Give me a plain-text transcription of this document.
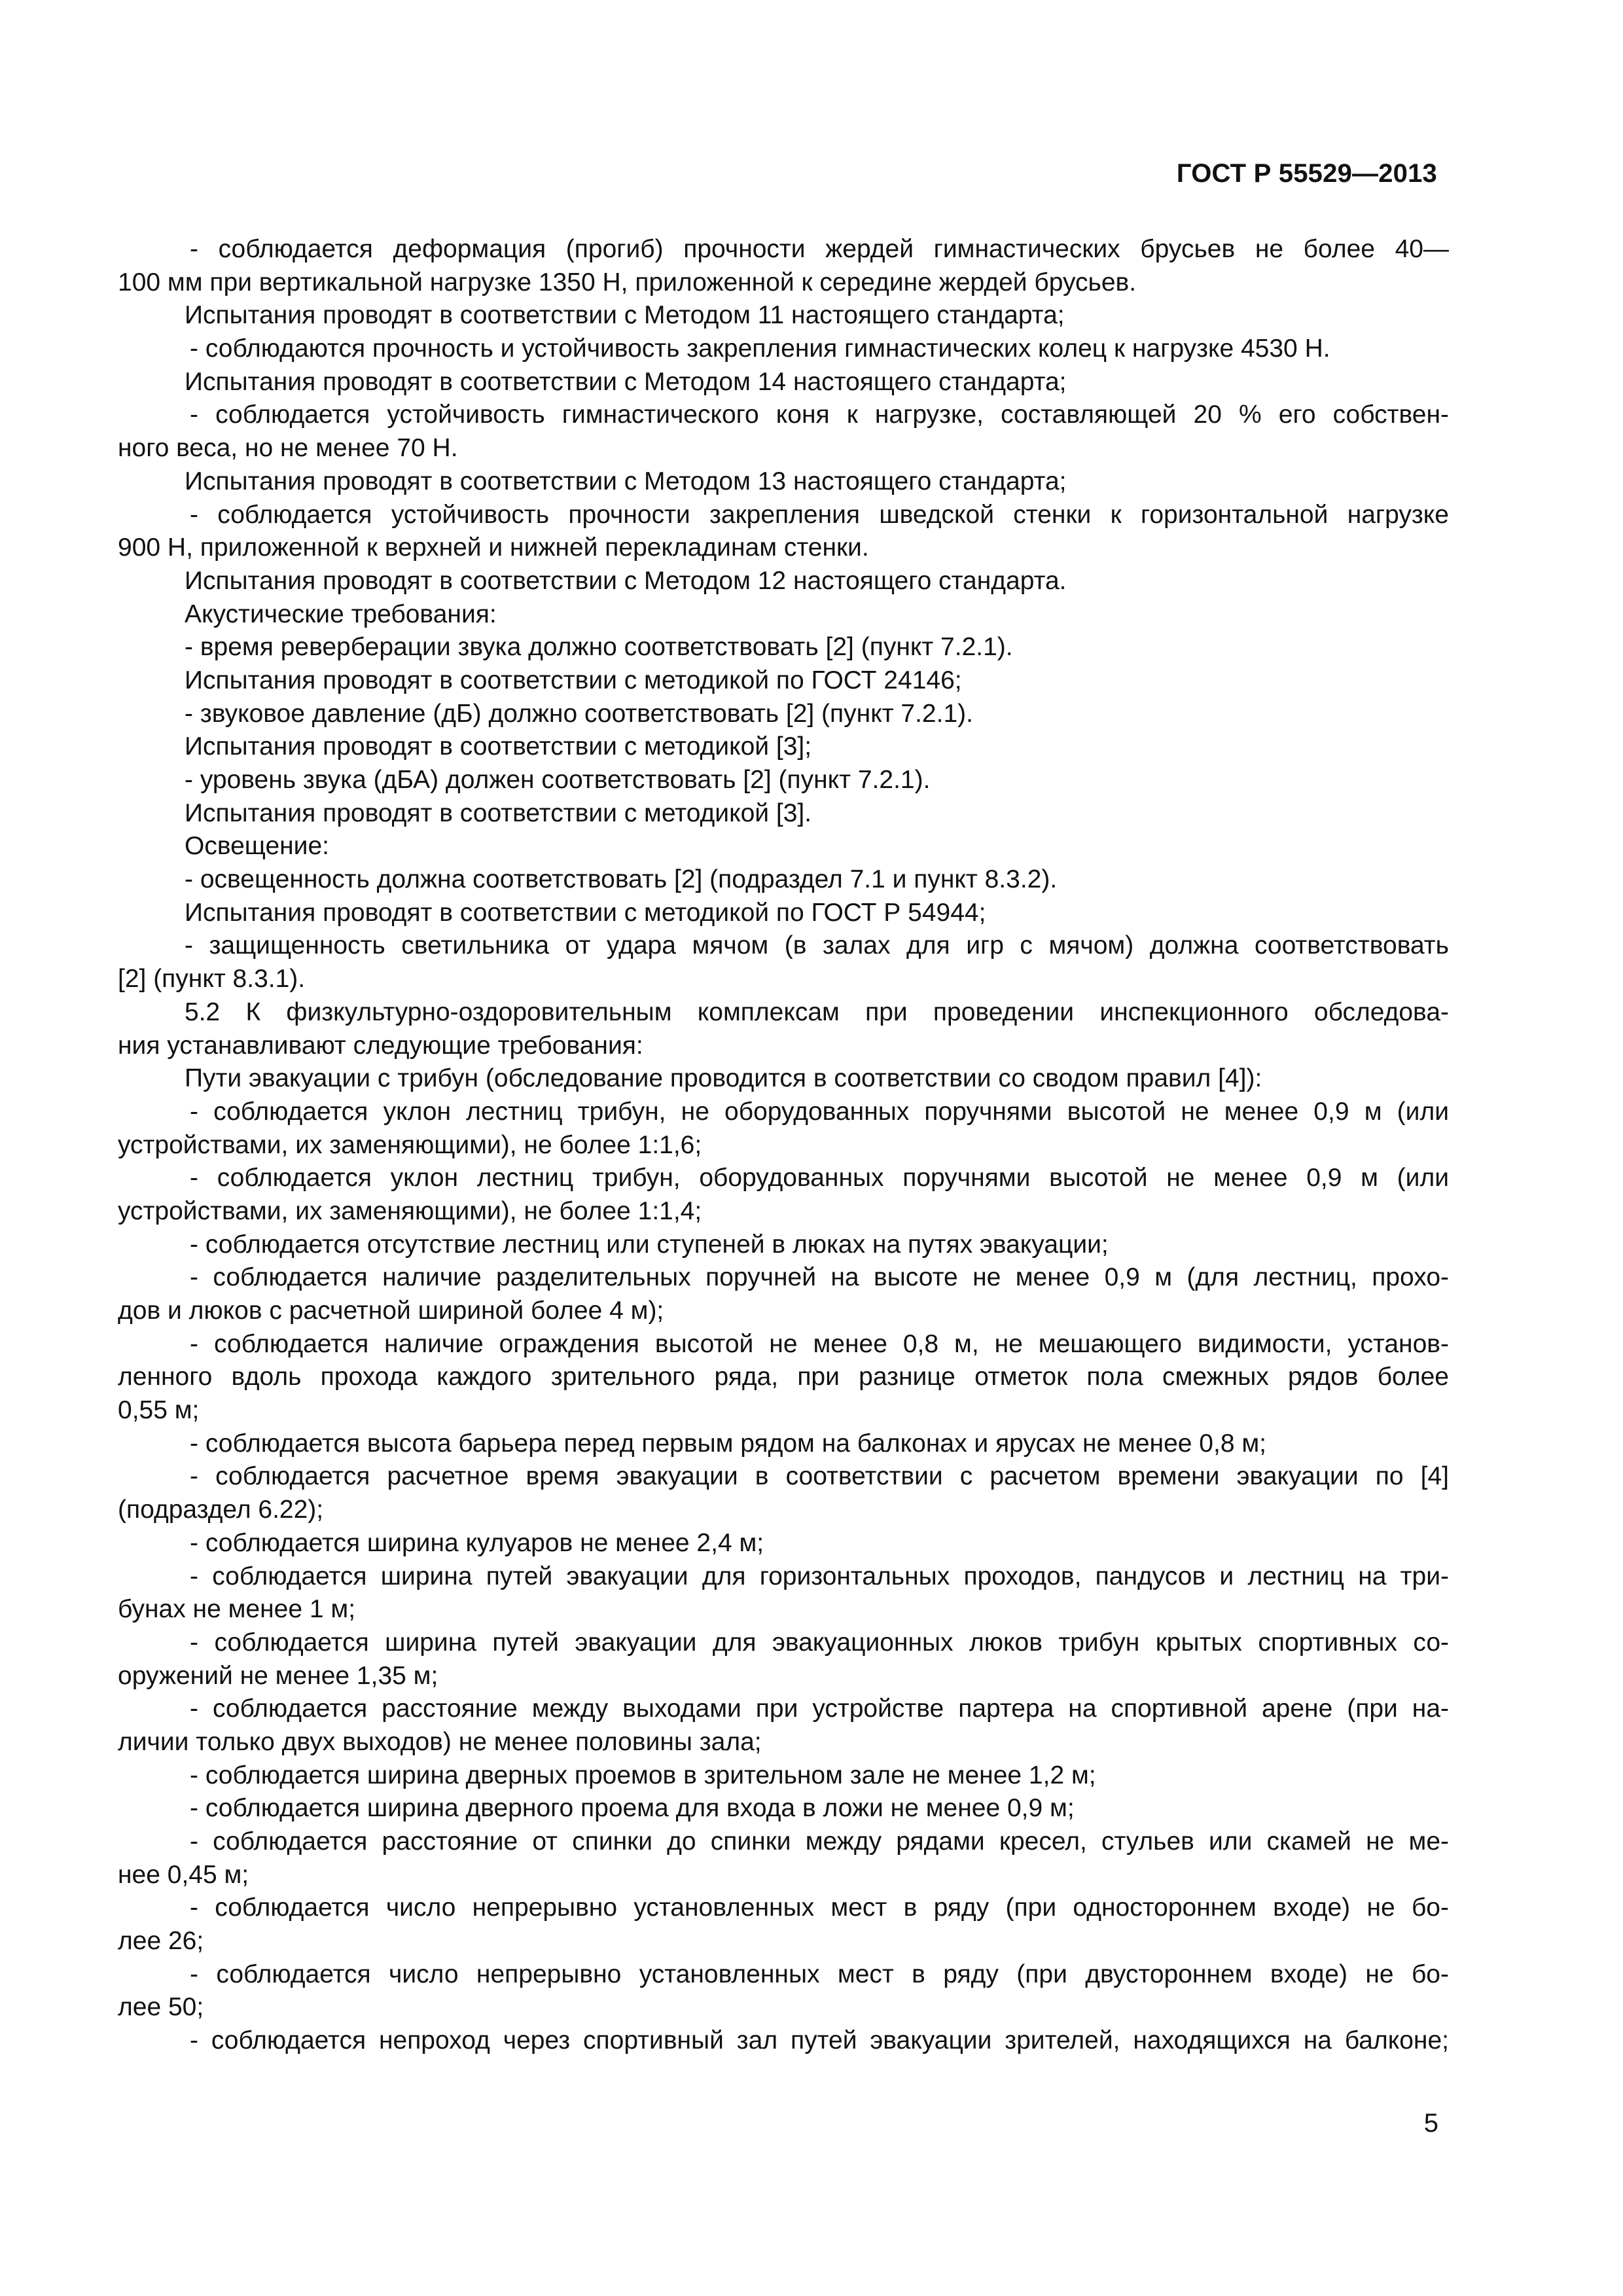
ГОСТ Р 55529—2013
- соблюдается деформация (прогиб) прочности жердей гимнастических брусьев не более 40—
100 мм при вертикальной нагрузке 1350 Н, приложенной к середине жердей брусьев.
Испытания проводят в соответствии с Методом 11 настоящего стандарта;
- соблюдаются прочность и устойчивость закрепления гимнастических колец к нагрузке 4530 Н.
Испытания проводят в соответствии с Методом 14 настоящего стандарта;
- соблюдается устойчивость гимнастического коня к нагрузке, составляющей 20 % его собствен-
ного веса, но не менее 70 Н.
Испытания проводят в соответствии с Методом 13 настоящего стандарта;
- соблюдается устойчивость прочности закрепления шведской стенки к горизонтальной нагрузке
900 Н, приложенной к верхней и нижней перекладинам стенки.
Испытания проводят в соответствии с Методом 12 настоящего стандарта.
Акустические требования:
- время реверберации звука должно соответствовать [2] (пункт 7.2.1).
Испытания проводят в соответствии с методикой по ГОСТ 24146;
- звуковое давление (дБ) должно соответствовать [2] (пункт 7.2.1).
Испытания проводят в соответствии с методикой [3];
- уровень звука (дБА) должен соответствовать [2] (пункт 7.2.1).
Испытания проводят в соответствии с методикой [3].
Освещение:
- освещенность должна соответствовать [2] (подраздел 7.1 и пункт 8.3.2).
Испытания проводят в соответствии с методикой по ГОСТ Р 54944;
- защищенность светильника от удара мячом (в залах для игр с мячом) должна соответствовать
[2] (пункт 8.3.1).
5.2 К физкультурно-оздоровительным комплексам при проведении инспекционного обследова-
ния устанавливают следующие требования:
Пути эвакуации с трибун (обследование проводится в соответствии со сводом правил [4]):
- соблюдается уклон лестниц трибун, не оборудованных поручнями высотой не менее 0,9 м (или
устройствами, их заменяющими), не более 1:1,6;
- соблюдается уклон лестниц трибун, оборудованных поручнями высотой не менее 0,9 м (или
устройствами, их заменяющими), не более 1:1,4;
- соблюдается отсутствие лестниц или ступеней в люках на путях эвакуации;
- соблюдается наличие разделительных поручней на высоте не менее 0,9 м (для лестниц, прохо-
дов и люков с расчетной шириной более 4 м);
- соблюдается наличие ограждения высотой не менее 0,8 м, не мешающего видимости, установ-
ленного вдоль прохода каждого зрительного ряда, при разнице отметок пола смежных рядов более
0,55 м;
- соблюдается высота барьера перед первым рядом на балконах и ярусах не менее 0,8 м;
- соблюдается расчетное время эвакуации в соответствии с расчетом времени эвакуации по [4]
(подраздел 6.22);
- соблюдается ширина кулуаров не менее 2,4 м;
- соблюдается ширина путей эвакуации для горизонтальных проходов, пандусов и лестниц на три-
бунах не менее 1 м;
- соблюдается ширина путей эвакуации для эвакуационных люков трибун крытых спортивных со-
оружений не менее 1,35 м;
- соблюдается расстояние между выходами при устройстве партера на спортивной арене (при на-
личии только двух выходов) не менее половины зала;
- соблюдается ширина дверных проемов в зрительном зале не менее 1,2 м;
- соблюдается ширина дверного проема для входа в ложи не менее 0,9 м;
- соблюдается расстояние от спинки до спинки между рядами кресел, стульев или скамей не ме-
нее 0,45 м;
- соблюдается число непрерывно установленных мест в ряду (при одностороннем входе) не бо-
лее 26;
- соблюдается число непрерывно установленных мест в ряду (при двустороннем входе) не бо-
лее 50;
- соблюдается непроход через спортивный зал путей эвакуации зрителей, находящихся на балконе;
5
